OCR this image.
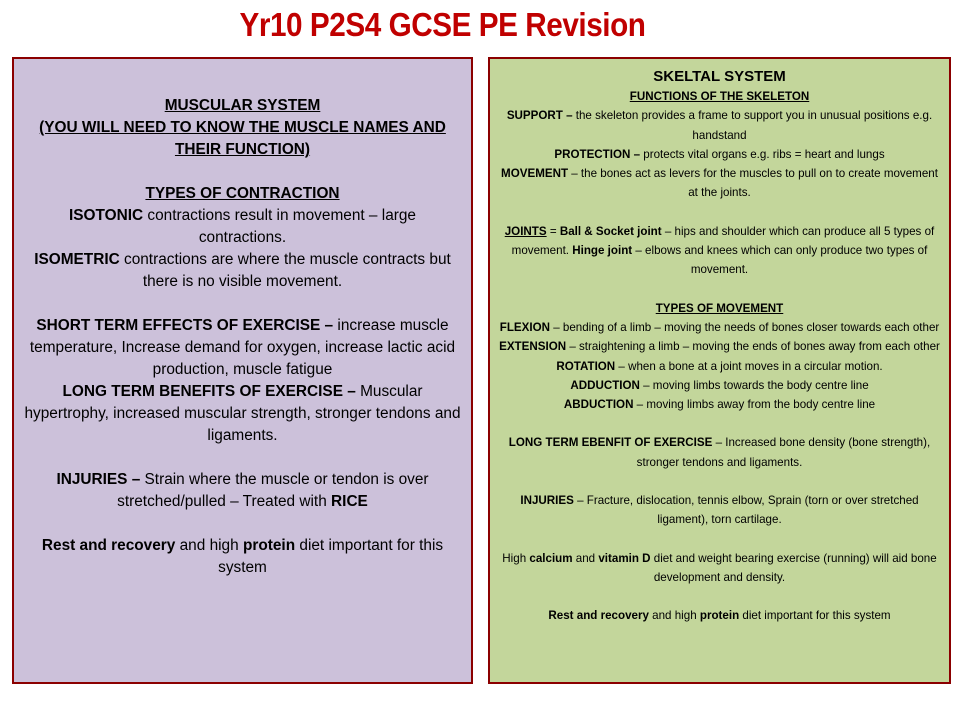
Yr10 P2S4 GCSE PE Revision

MUSCULAR SYSTEM

(YOU WILL NEED TO KNOW THE MUSCLE NAMES AND THEIR FUNCTION)

TYPES OF CONTRACTION

ISOTONIC contractions result in movement – large contractions.

ISOMETRIC contractions are where the muscle contracts but there is no visible movement.

SHORT TERM EFFECTS OF EXERCISE – increase muscle temperature, Increase demand for oxygen, increase lactic acid production, muscle fatigue

LONG TERM BENEFITS OF EXERCISE – Muscular hypertrophy, increased muscular strength, stronger tendons and ligaments.

INJURIES – Strain where the muscle or tendon is over stretched/pulled – Treated with RICE

Rest and recovery and high protein diet important for this system

SKELTAL SYSTEM

FUNCTIONS OF THE SKELETON

SUPPORT – the skeleton provides a frame to support you in unusual positions e.g. handstand

PROTECTION – protects vital organs e.g. ribs = heart and lungs

MOVEMENT – the bones act as levers for the muscles to pull on to create movement at the joints.

JOINTS = Ball & Socket joint – hips and shoulder which can produce all 5 types of movement. Hinge joint – elbows and knees which can only produce two types of movement.

TYPES OF MOVEMENT

FLEXION – bending of a limb – moving the needs of bones closer towards each other

EXTENSION – straightening a limb – moving the ends of bones away from each other

ROTATION – when a bone at a joint moves in a circular motion.

ADDUCTION – moving limbs towards the body centre line

ABDUCTION – moving limbs away from the body centre line

LONG TERM EBENFIT OF EXERCISE – Increased bone density (bone strength), stronger tendons and ligaments.

INJURIES – Fracture, dislocation, tennis elbow, Sprain (torn or over stretched ligament), torn cartilage.

High calcium and vitamin D diet and weight bearing exercise (running) will aid bone development and density.

Rest and recovery and high protein diet important for this system
